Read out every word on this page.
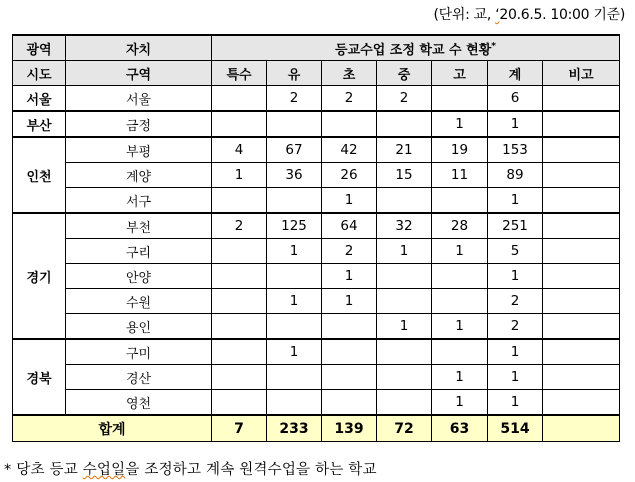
(단위: 교, ‘20.6.5. 10:00 기준)
광역	자치	등교수업 조정 학교 수 현황*
시도	구역	특수	유	초	중	고	계	비고
서울	서울		2	2	2		6	
부산	금정					1	1	
인천	부평	4	67	42	21	19	153	
	계양	1	36	26	15	11	89	
	서구			1			1	
경기	부천	2	125	64	32	28	251	
	구리		1	2	1	1	5	
	안양			1			1	
	수원		1	1			2	
	용인				1	1	2	
경북	구미		1				1	
	경산					1	1	
	영천					1	1	
합계		7	233	139	72	63	514	
* 당초 등교 수업일을 조정하고 계속 원격수업을 하는 학교
